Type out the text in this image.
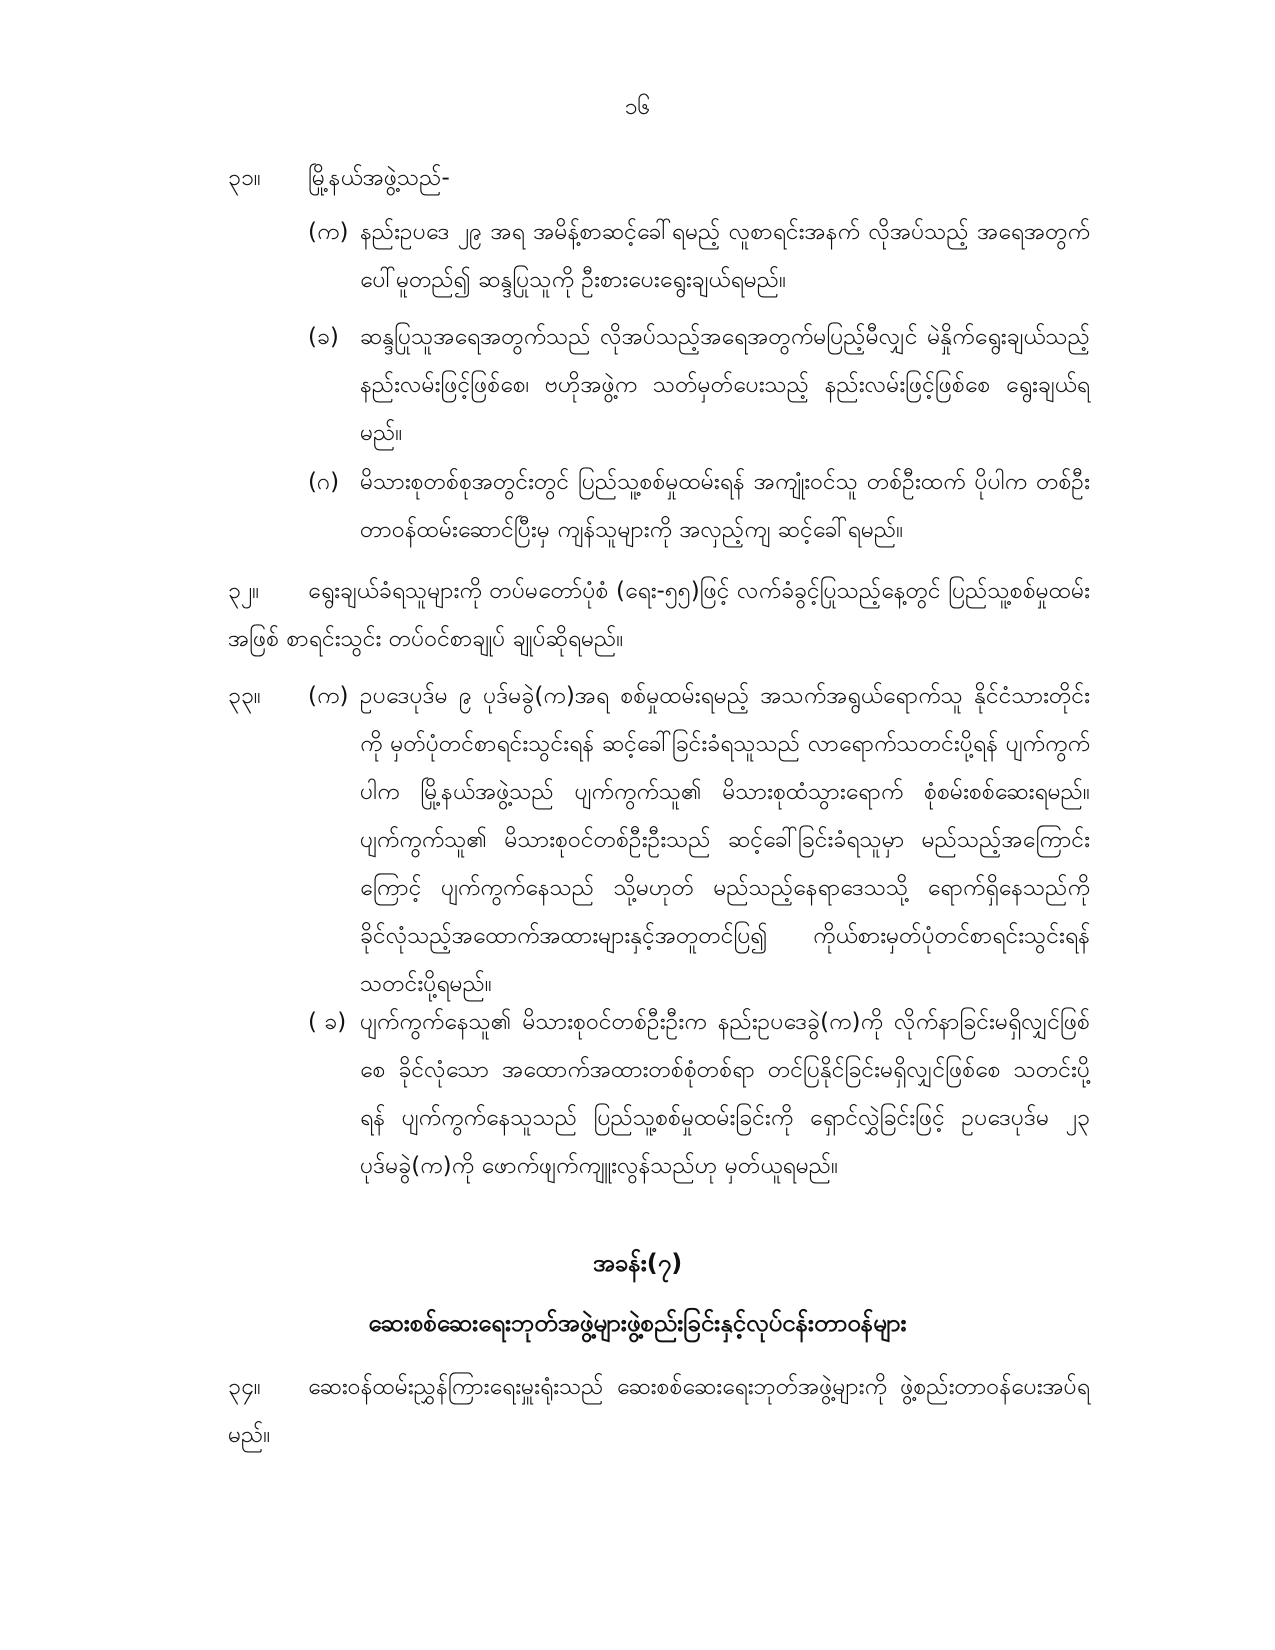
၁၆
၃၁။ မြို့နယ်အဖွဲ့သည်-
(က) နည်းဥပဒေ ၂၉ အရ အမိန့်စာဆင့်ခေါ်ရမည့် လူစာရင်းအနက် လိုအပ်သည့် အရေအတွက် ပေါ်မူတည်၍ ဆန္ဒပြုသူကို ဦးစားပေးရွေးချယ်ရမည်။
(ခ) ဆန္ဒပြုသူအရေအတွက်သည် လိုအပ်သည့်အရေအတွက်မပြည့်မီလျှင် မဲနှိုက်ရွေးချယ်သည့် နည်းလမ်းဖြင့်ဖြစ်စေ၊ ဗဟိုအဖွဲ့က သတ်မှတ်ပေးသည့် နည်းလမ်းဖြင့်ဖြစ်စေ ရွေးချယ်ရမည်။
(ဂ) မိသားစုတစ်စုအတွင်းတွင် ပြည်သူ့စစ်မှုထမ်းရန် အကျုံးဝင်သူ တစ်ဦးထက် ပိုပါက တစ်ဦးတာဝန်ထမ်းဆောင်ပြီးမှ ကျန်သူများကို အလှည့်ကျ ဆင့်ခေါ်ရမည်။
၃၂။	ရွေးချယ်ခံရသူများကို တပ်မတော်ပုံစံ (ရေး-၅၅)ဖြင့် လက်ခံခွင့်ပြုသည့်နေ့တွင် ပြည်သူ့စစ်မှုထမ်းအဖြစ် စာရင်းသွင်း တပ်ဝင်စာချုပ် ချုပ်ဆိုရမည်။
၃၃။ (က) ဥပဒေပုဒ်မ ၉ ပုဒ်မခွဲ(က)အရ စစ်မှုထမ်းရမည့် အသက်အရွယ်ရောက်သူ နိုင်ငံသားတိုင်းကို မှတ်ပုံတင်စာရင်းသွင်းရန် ဆင့်ခေါ်ခြင်းခံရသူသည် လာရောက်သတင်းပို့ရန် ပျက်ကွက်ပါက မြို့နယ်အဖွဲ့သည် ပျက်ကွက်သူ၏ မိသားစုထံသွားရောက် စုံစမ်းစစ်ဆေးရမည်။ ပျက်ကွက်သူ၏ မိသားစုဝင်တစ်ဦးဦးသည် ဆင့်ခေါ်ခြင်းခံရသူမှာ မည်သည့်အကြောင်းကြောင့် ပျက်ကွက်နေသည် သို့မဟုတ် မည်သည့်နေရာဒေသသို့ ရောက်ရှိနေသည်ကို ခိုင်လုံသည့်အထောက်အထားများနှင့်အတူတင်ပြ၍ ကိုယ်စားမှတ်ပုံတင်စာရင်းသွင်းရန် သတင်းပို့ရမည်။
( ခ) ပျက်ကွက်နေသူ၏ မိသားစုဝင်တစ်ဦးဦးက နည်းဥပဒေခွဲ(က)ကို လိုက်နာခြင်းမရှိလျှင်ဖြစ်စေ ခိုင်လုံသော အထောက်အထားတစ်စုံတစ်ရာ တင်ပြနိုင်ခြင်းမရှိလျှင်ဖြစ်စေ သတင်းပို့ရန် ပျက်ကွက်နေသူသည် ပြည်သူ့စစ်မှုထမ်းခြင်းကို ရှောင်လွှဲခြင်းဖြင့် ဥပဒေပုဒ်မ ၂၃ ပုဒ်မခွဲ(က)ကို ဖောက်ဖျက်ကျူးလွန်သည်ဟု မှတ်ယူရမည်။
အခန်း(၇)
ဆေးစစ်ဆေးရေးဘုတ်အဖွဲ့များဖွဲ့စည်းခြင်းနှင့်လုပ်ငန်းတာဝန်များ
၃၄။	ဆေးဝန်ထမ်းညွှန်ကြားရေးမှူးရုံးသည် ဆေးစစ်ဆေးရေးဘုတ်အဖွဲ့များကို ဖွဲ့စည်းတာဝန်ပေးအပ်ရမည်။
